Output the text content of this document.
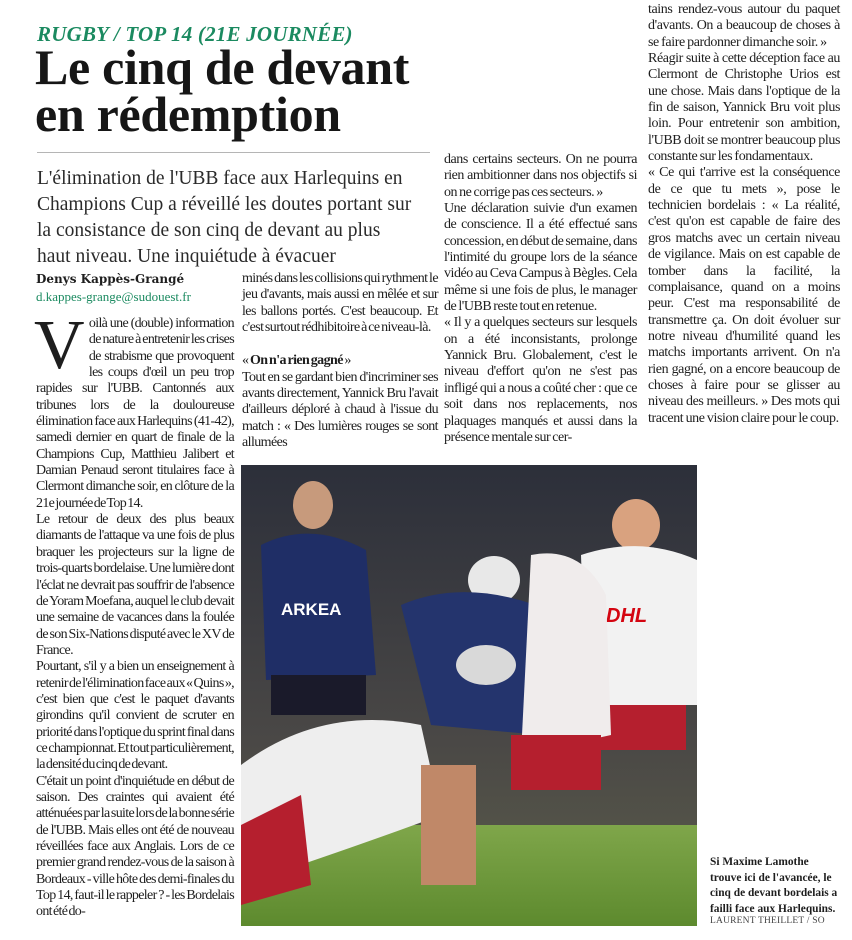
RUGBY / TOP 14 (21E JOURNÉE)
Le cinq de devant
en rédemption

L'élimination de l'UBB face aux Harlequins en Champions Cup a réveillé les doutes portant sur la consistance de son cinq de devant au plus haut niveau. Une inquiétude à évacuer

Denys Kappès-Grangé
d.kappes-grange@sudouest.fr

Voilà une (double) information de nature à entretenir les crises de strabisme que provoquent les coups d'œil un peu trop rapides sur l'UBB. Cantonnés aux tribunes lors de la douloureuse élimination face aux Harlequins (41-42), samedi dernier en quart de finale de la Champions Cup, Matthieu Jalibert et Damian Penaud seront titulaires face à Clermont dimanche soir, en clôture de la 21e journée de Top 14.

Le retour de deux des plus beaux diamants de l'attaque va une fois de plus braquer les projecteurs sur la ligne de trois-quarts bordelaise. Une lumière dont l'éclat ne devrait pas souffrir de l'absence de Yoram Moefana, auquel le club devait une semaine de vacances dans la foulée de son Six-Nations disputé avec le XV de France.

Pourtant, s'il y a bien un enseignement à retenir de l'élimination face aux « Quins », c'est bien que c'est le paquet d'avants girondins qu'il convient de scruter en priorité dans l'optique du sprint final dans ce championnat. Et tout particulièrement, la densité du cinq de devant.

C'était un point d'inquiétude en début de saison. Des craintes qui avaient été atténuées par la suite lors de la bonne série de l'UBB. Mais elles ont été de nouveau réveillées face aux Anglais. Lors de ce premier grand rendez-vous de la saison à Bordeaux - ville hôte des demi-finales du Top 14, faut-il le rappeler ? - les Bordelais ont été do-

minés dans les collisions qui rythment le jeu d'avants, mais aussi en mêlée et sur les ballons portés. C'est beaucoup. Et c'est surtout rédhibitoire à ce niveau-là.

« On n'a rien gagné »

Tout en se gardant bien d'incriminer ses avants directement, Yannick Bru l'avait d'ailleurs déploré à chaud à l'issue du match : « Des lumières rouges se sont allumées

dans certains secteurs. On ne pourra rien ambitionner dans nos objectifs si on ne corrige pas ces secteurs. »

Une déclaration suivie d'un examen de conscience. Il a été effectué sans concession, en début de semaine, dans l'intimité du groupe lors de la séance vidéo au Ceva Campus à Bègles. Cela même si une fois de plus, le manager de l'UBB reste tout en retenue.

« Il y a quelques secteurs sur lesquels on a été inconsistants, prolonge Yannick Bru. Globalement, c'est le niveau d'effort qu'on ne s'est pas infligé qui a nous a coûté cher : que ce soit dans nos replacements, nos plaquages manqués et aussi dans la présence mentale sur cer-

tains rendez-vous autour du paquet d'avants. On a beaucoup de choses à se faire pardonner dimanche soir. »

Réagir suite à cette déception face au Clermont de Christophe Urios est une chose. Mais dans l'optique de la fin de saison, Yannick Bru voit plus loin. Pour entretenir son ambition, l'UBB doit se montrer beaucoup plus constante sur les fondamentaux.

« Ce qui t'arrive est la conséquence de ce que tu mets », pose le technicien bordelais : « La réalité, c'est qu'on est capable de faire des gros matchs avec un certain niveau de vigilance. Mais on est capable de tomber dans la facilité, la complaisance, quand on a moins peur. C'est ma responsabilité de transmettre ça. On doit évoluer sur notre niveau d'humilité quand les matchs importants arrivent. On n'a rien gagné, on a encore beaucoup de choses à faire pour se glisser au niveau des meilleurs. » Des mots qui tracent une vision claire pour le coup.

ARKEA	DHL
Si Maxime Lamothe trouve ici de l'avancée, le cinq de devant bordelais a failli face aux Harlequins.
LAURENT THEILLET / SO
